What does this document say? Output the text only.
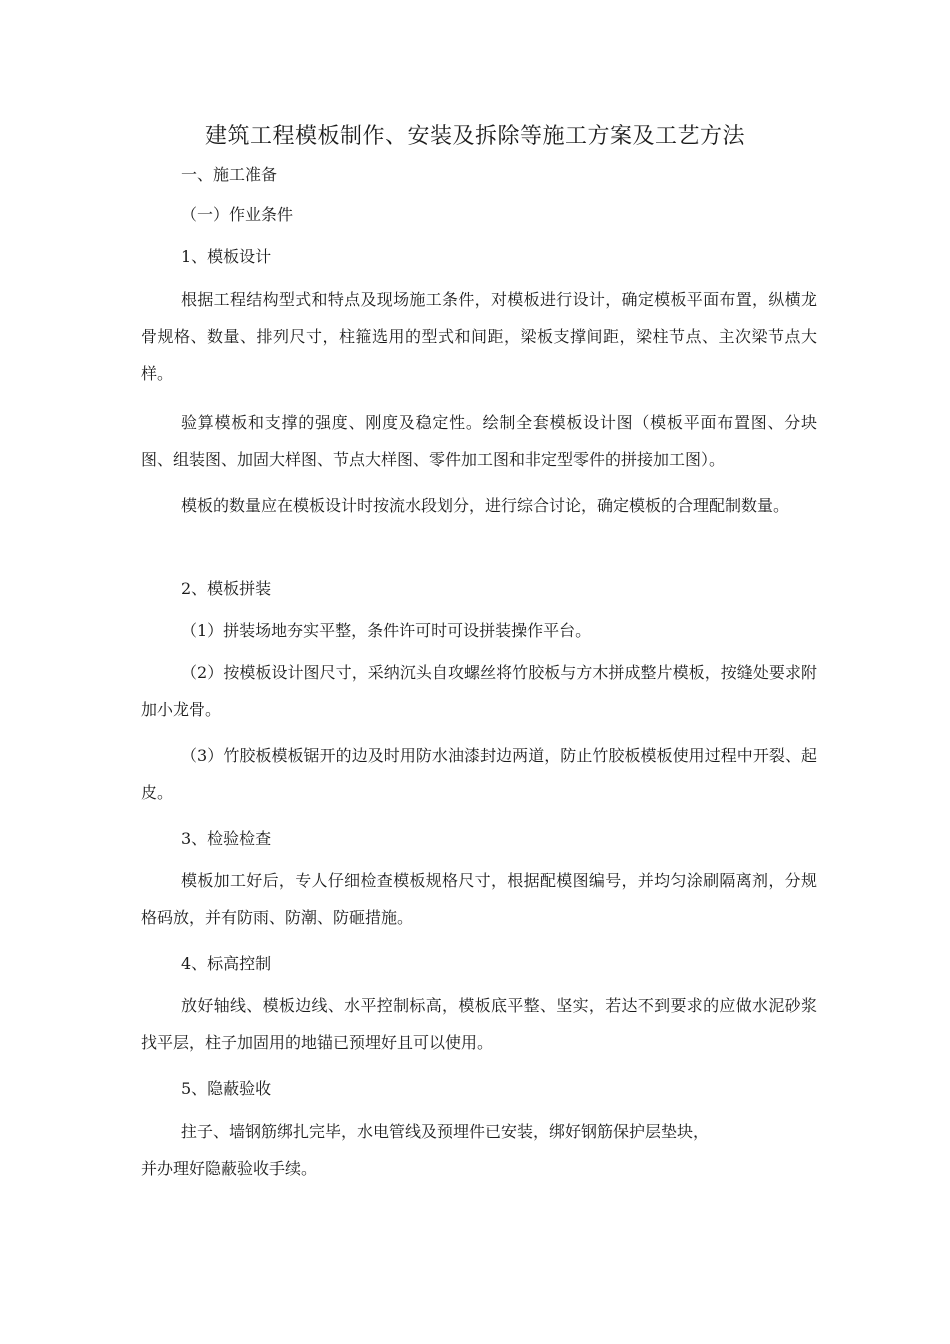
建筑工程模板制作、安装及拆除等施工方案及工艺方法
一、施工准备
（一）作业条件
1、模板设计

根据工程结构型式和特点及现场施工条件，对模板进行设计，确定模板平面布置，纵横龙骨规格、数量、排列尺寸，柱箍选用的型式和间距，梁板支撑间距，梁柱节点、主次梁节点大样。

验算模板和支撑的强度、刚度及稳定性。绘制全套模板设计图（模板平面布置图、分块图、组装图、加固大样图、节点大样图、零件加工图和非定型零件的拼接加工图）。

模板的数量应在模板设计时按流水段划分，进行综合讨论，确定模板的合理配制数量。

2、模板拼装

（1）拼装场地夯实平整，条件许可时可设拼装操作平台。

（2）按模板设计图尺寸，采纳沉头自攻螺丝将竹胶板与方木拼成整片模板，按缝处要求附加小龙骨。

（3）竹胶板模板锯开的边及时用防水油漆封边两道，防止竹胶板模板使用过程中开裂、起皮。

3、检验检查

模板加工好后，专人仔细检查模板规格尺寸，根据配模图编号，并均匀涂刷隔离剂，分规格码放，并有防雨、防潮、防砸措施。

4、标高控制

放好轴线、模板边线、水平控制标高，模板底平整、坚实，若达不到要求的应做水泥砂浆找平层，柱子加固用的地锚已预埋好且可以使用。

5、隐蔽验收
拄子、墙钢筋绑扎完毕，水电管线及预埋件已安装，绑好钢筋保护层垫块，
并办理好隐蔽验收手续。
